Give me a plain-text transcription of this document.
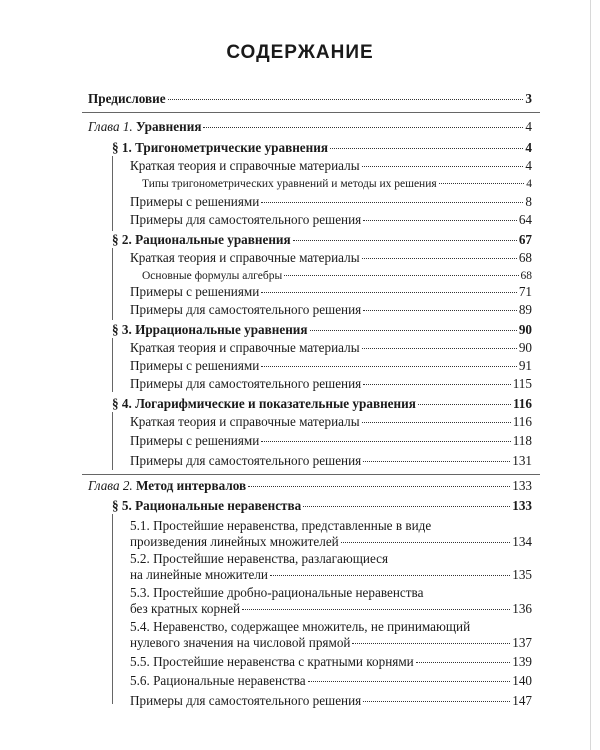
СОДЕРЖАНИЕ
Предисловие	3
Глава 1. Уравнения	4
§ 1. Тригонометрические уравнения	4
Краткая теория и справочные материалы	4
Типы тригонометрических уравнений и методы их решения	4
Примеры с решениями	8
Примеры для самостоятельного решения	64
§ 2. Рациональные уравнения	67
Краткая теория и справочные материалы	68
Основные формулы алгебры	68
Примеры с решениями	71
Примеры для самостоятельного решения	89
§ 3. Иррациональные уравнения	90
Краткая теория и справочные материалы	90
Примеры с решениями	91
Примеры для самостоятельного решения	115
§ 4. Логарифмические и показательные уравнения	116
Краткая теория и справочные материалы	116
Примеры с решениями	118
Примеры для самостоятельного решения	131
Глава 2. Метод интервалов	133
§ 5. Рациональные неравенства	133
5.1. Простейшие неравенства, представленные в виде
произведения линейных множителей	134
5.2. Простейшие неравенства, разлагающиеся
на линейные множители	135
5.3. Простейшие дробно-рациональные неравенства
без кратных корней	136
5.4. Неравенство, содержащее множитель, не принимающий
нулевого значения на числовой прямой	137
5.5. Простейшие неравенства с кратными корнями	139
5.6. Рациональные неравенства	140
Примеры для самостоятельного решения	147
